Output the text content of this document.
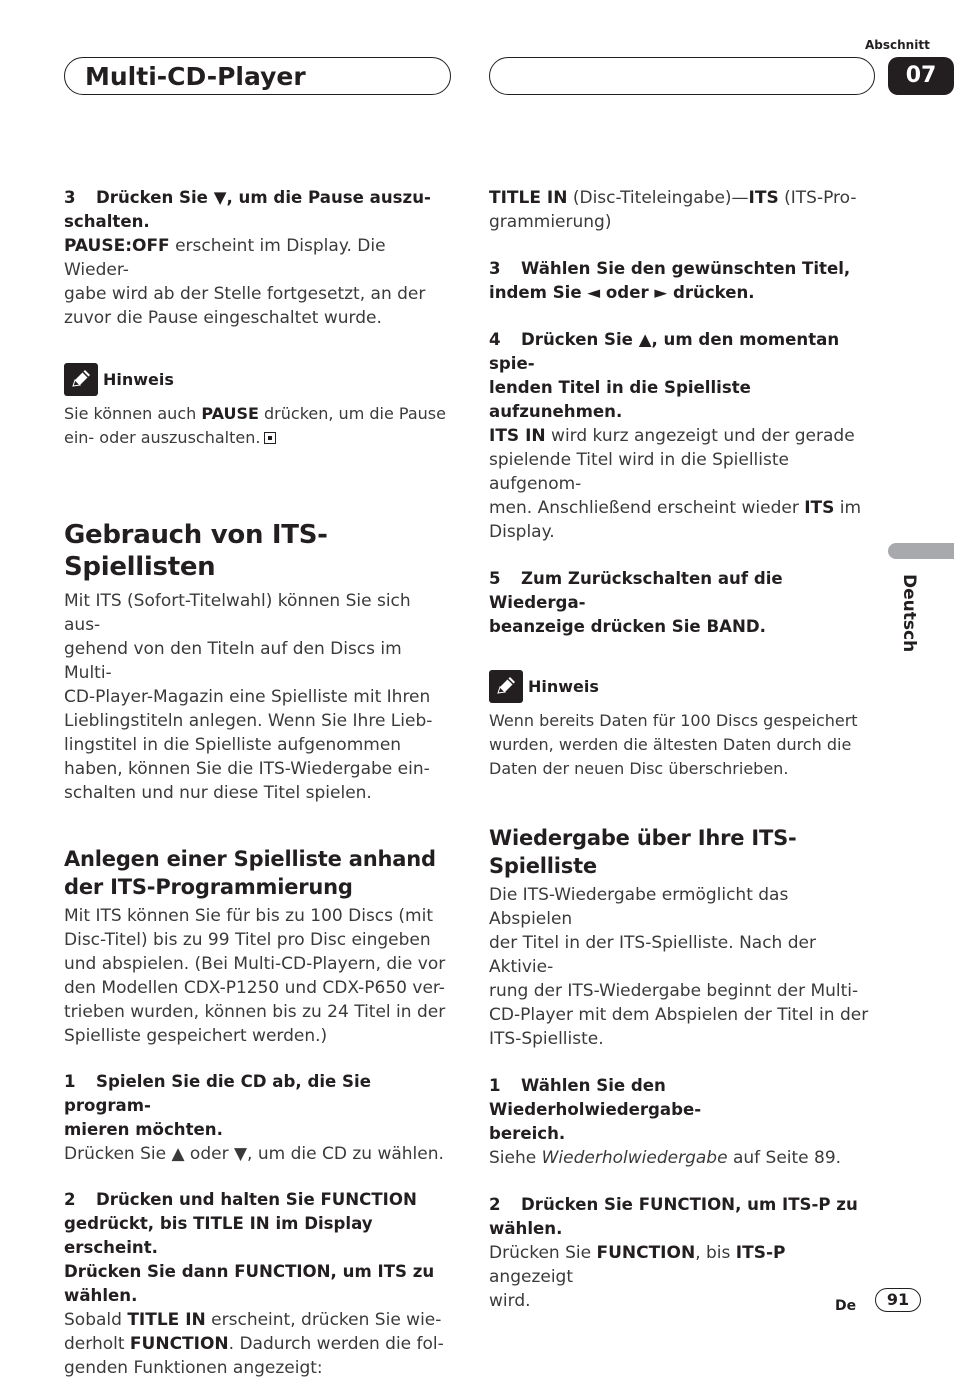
Multi-CD-Player
Abschnitt
07
Deutsch

3 Drücken Sie ▼, um die Pause auszu-
schalten.

PAUSE:OFF erscheint im Display. Die Wieder-
gabe wird ab der Stelle fortgesetzt, an der
zuvor die Pause eingeschaltet wurde.

Hinweis

Sie können auch PAUSE drücken, um die Pause
ein- oder auszuschalten.

Gebrauch von ITS-Spiellisten

Mit ITS (Sofort-Titelwahl) können Sie sich aus-
gehend von den Titeln auf den Discs im Multi-
CD-Player-Magazin eine Spielliste mit Ihren
Lieblingstiteln anlegen. Wenn Sie Ihre Lieb-
lingstitel in die Spielliste aufgenommen
haben, können Sie die ITS-Wiedergabe ein-
schalten und nur diese Titel spielen.

Anlegen einer Spielliste anhand
der ITS-Programmierung

Mit ITS können Sie für bis zu 100 Discs (mit
Disc-Titel) bis zu 99 Titel pro Disc eingeben
und abspielen. (Bei Multi-CD-Playern, die vor
den Modellen CDX-P1250 und CDX-P650 ver-
trieben wurden, können bis zu 24 Titel in der
Spielliste gespeichert werden.)

1 Spielen Sie die CD ab, die Sie program-
mieren möchten.

Drücken Sie ▲ oder ▼, um die CD zu wählen.

2 Drücken und halten Sie FUNCTION
gedrückt, bis TITLE IN im Display erscheint.
Drücken Sie dann FUNCTION, um ITS zu
wählen.

Sobald TITLE IN erscheint, drücken Sie wie-
derholt FUNCTION. Dadurch werden die fol-
genden Funktionen angezeigt:

TITLE IN (Disc-Titeleingabe)—ITS (ITS-Pro-
grammierung)

3 Wählen Sie den gewünschten Titel,
indem Sie ◄ oder ► drücken.

4 Drücken Sie ▲, um den momentan spie-
lenden Titel in die Spielliste aufzunehmen.

ITS IN wird kurz angezeigt und der gerade
spielende Titel wird in die Spielliste aufgenom-
men. Anschließend erscheint wieder ITS im
Display.

5 Zum Zurückschalten auf die Wiederga-
beanzeige drücken Sie BAND.

Hinweis

Wenn bereits Daten für 100 Discs gespeichert
wurden, werden die ältesten Daten durch die
Daten der neuen Disc überschrieben.

Wiedergabe über Ihre ITS-Spielliste

Die ITS-Wiedergabe ermöglicht das Abspielen
der Titel in der ITS-Spielliste. Nach der Aktivie-
rung der ITS-Wiedergabe beginnt der Multi-
CD-Player mit dem Abspielen der Titel in der
ITS-Spielliste.

1 Wählen Sie den Wiederholwiedergabe-
bereich.

Siehe Wiederholwiedergabe auf Seite 89.

2 Drücken Sie FUNCTION, um ITS-P zu
wählen.

Drücken Sie FUNCTION, bis ITS-P angezeigt
wird.	De	91
